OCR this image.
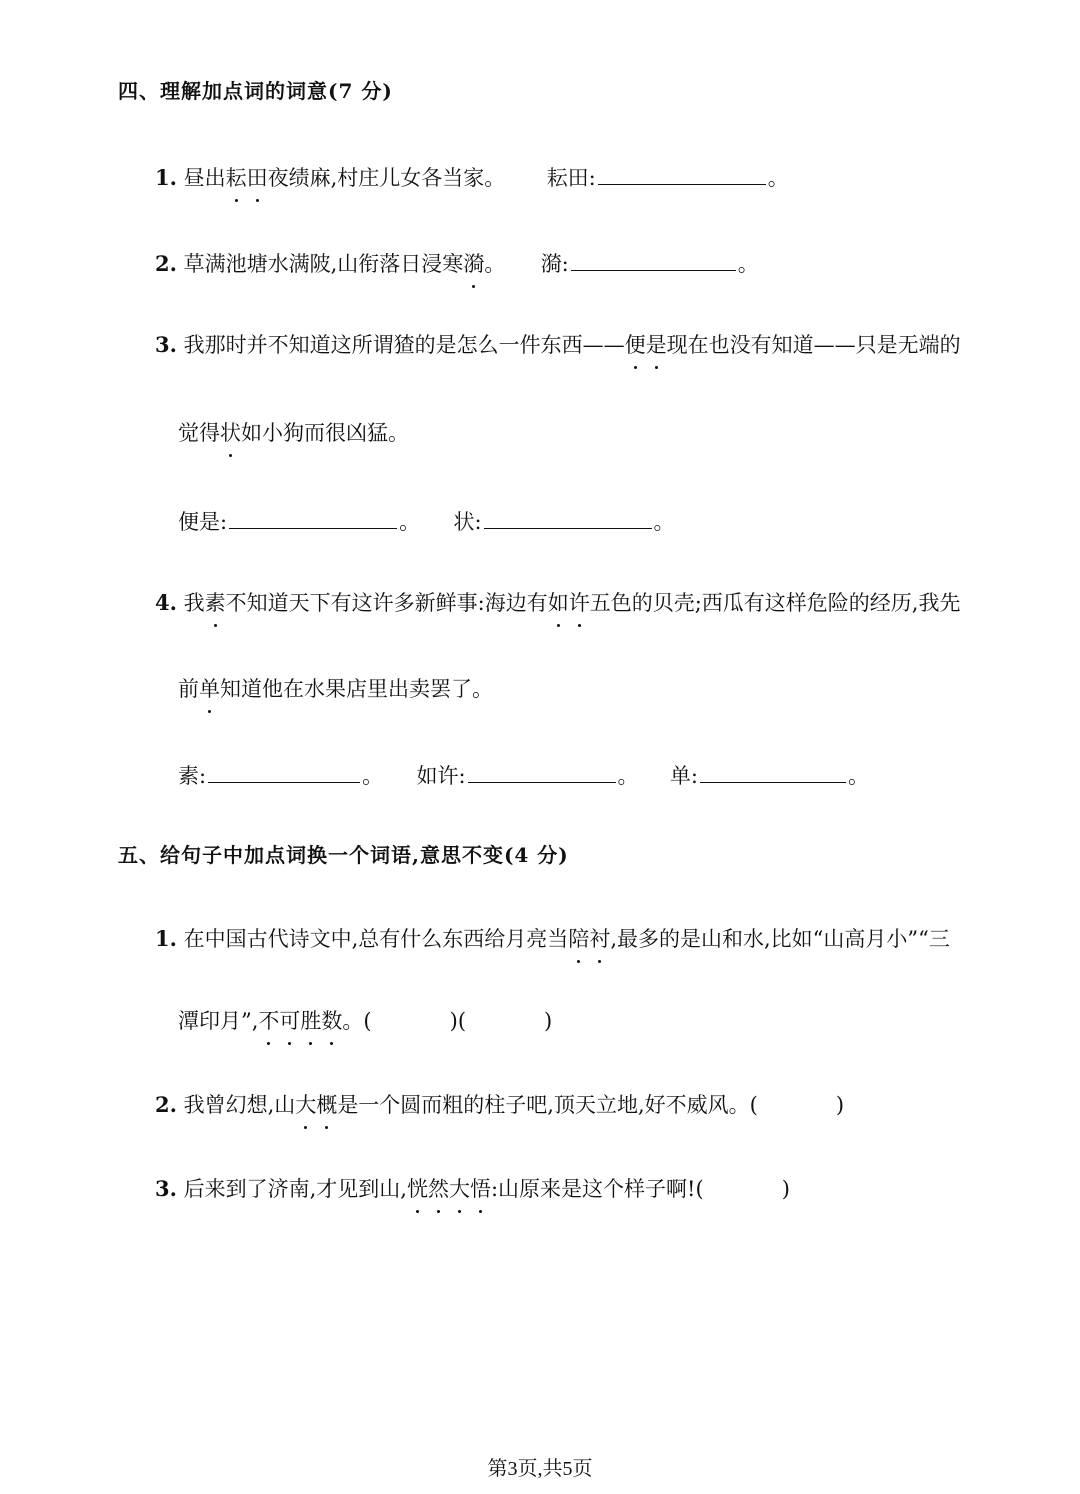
四、理解加点词的词意(7 分)
1. 昼出耘田夜绩麻,村庄儿女各当家。 耘田:	。
2. 草满池塘水满陂,山衔落日浸寒漪。 漪:	。
3. 我那时并不知道这所谓猹的是怎么一件东西——便是现在也没有知道——只是无端的
觉得状如小狗而很凶猛。
便是:	。 状:	。
4. 我素不知道天下有这许多新鲜事:海边有如许五色的贝壳;西瓜有这样危险的经历,我先
前单知道他在水果店里出卖罢了。
素:	。 如许:	。 单:	。
五、给句子中加点词换一个词语,意思不变(4 分)
1. 在中国古代诗文中,总有什么东西给月亮当陪衬,最多的是山和水,比如“山高月小”“三
潭印月”,不可胜数。(	)(	)
2. 我曾幻想,山大概是一个圆而粗的柱子吧,顶天立地,好不威风。(	)
3. 后来到了济南,才见到山,恍然大悟:山原来是这个样子啊!(	)
第3页,共5页
